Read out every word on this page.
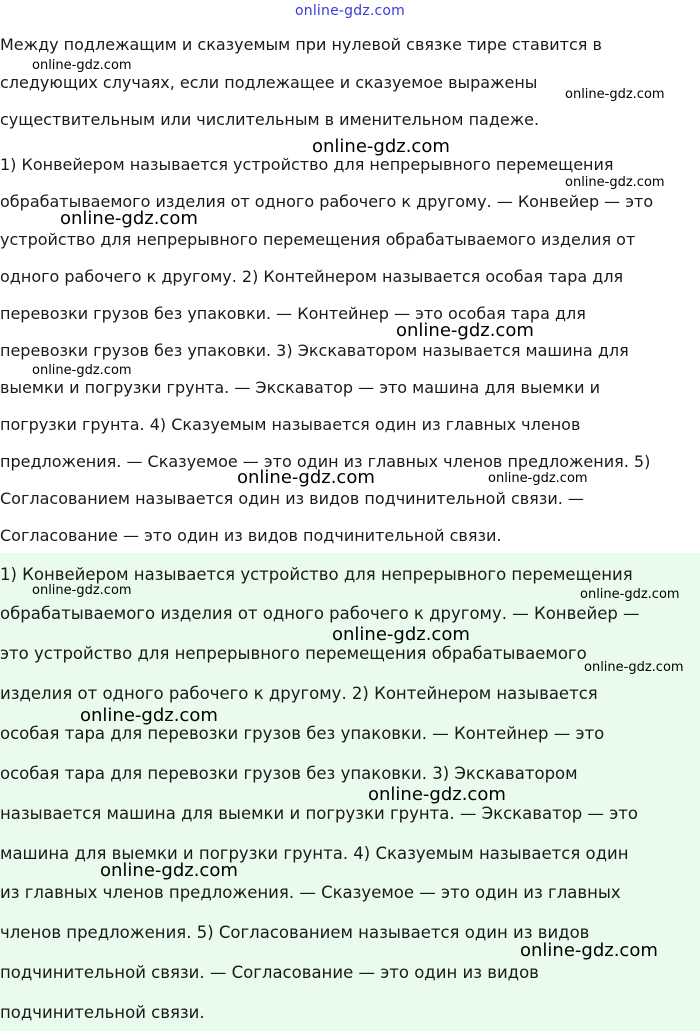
online-gdz.com
Между подлежащим и сказуемым при нулевой связке тире ставится в
следующих случаях, если подлежащее и сказуемое выражены
существительным или числительным в именительном падеже.
1) Конвейером называется устройство для непрерывного перемещения
обрабатываемого изделия от одного рабочего к другому. — Конвейер — это
устройство для непрерывного перемещения обрабатываемого изделия от
одного рабочего к другому. 2) Контейнером называется особая тара для
перевозки грузов без упаковки. — Контейнер — это особая тара для
перевозки грузов без упаковки. 3) Экскаватором называется машина для
выемки и погрузки грунта. — Экскаватор — это машина для выемки и
погрузки грунта. 4) Сказуемым называется один из главных членов
предложения. — Сказуемое — это один из главных членов предложения. 5)
Согласованием называется один из видов подчинительной связи. —
Согласование — это один из видов подчинительной связи.
1) Конвейером называется устройство для непрерывного перемещения
обрабатываемого изделия от одного рабочего к другому. — Конвейер —
это устройство для непрерывного перемещения обрабатываемого
изделия от одного рабочего к другому. 2) Контейнером называется
особая тара для перевозки грузов без упаковки. — Контейнер — это
особая тара для перевозки грузов без упаковки. 3) Экскаватором
называется машина для выемки и погрузки грунта. — Экскаватор — это
машина для выемки и погрузки грунта. 4) Сказуемым называется один
из главных членов предложения. — Сказуемое — это один из главных
членов предложения. 5) Согласованием называется один из видов
подчинительной связи. — Согласование — это один из видов
подчинительной связи.
online-gdz.com
online-gdz.com
online-gdz.com
online-gdz.com
online-gdz.com
online-gdz.com
online-gdz.com
online-gdz.com	online-gdz.com
online-gdz.com	online-gdz.com
online-gdz.com
online-gdz.com
online-gdz.com
online-gdz.com
online-gdz.com
online-gdz.com
